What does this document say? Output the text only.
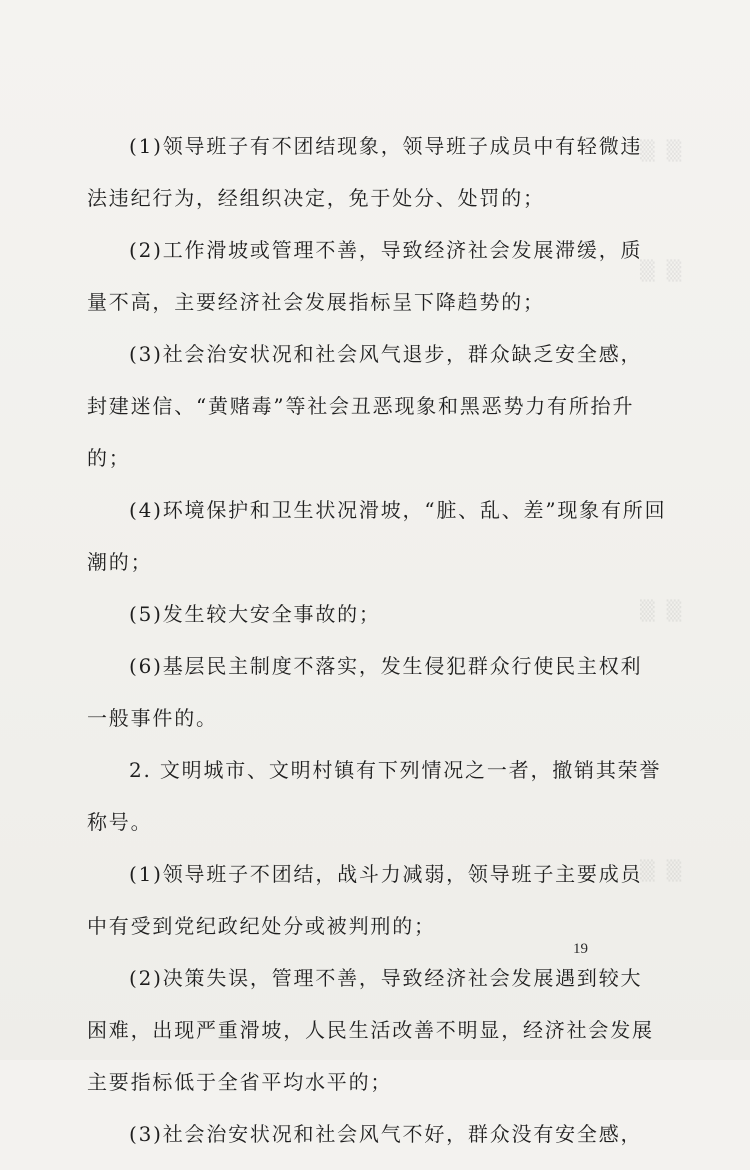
▒ ▒
▒ ▒
▒ ▒
▒ ▒
(1)领导班子有不团结现象，领导班子成员中有轻微违
法违纪行为，经组织决定，免于处分、处罚的；
(2)工作滑坡或管理不善，导致经济社会发展滞缓，质
量不高，主要经济社会发展指标呈下降趋势的；
(3)社会治安状况和社会风气退步，群众缺乏安全感，
封建迷信、“黄赌毒”等社会丑恶现象和黑恶势力有所抬升
的；
(4)环境保护和卫生状况滑坡，“脏、乱、差”现象有所回
潮的；
(5)发生较大安全事故的；
(6)基层民主制度不落实，发生侵犯群众行使民主权利
一般事件的。
2. 文明城市、文明村镇有下列情况之一者，撤销其荣誉
称号。
(1)领导班子不团结，战斗力减弱，领导班子主要成员
中有受到党纪政纪处分或被判刑的；
(2)决策失误，管理不善，导致经济社会发展遇到较大
困难，出现严重滑坡，人民生活改善不明显，经济社会发展
主要指标低于全省平均水平的；
(3)社会治安状况和社会风气不好，群众没有安全感，
19
